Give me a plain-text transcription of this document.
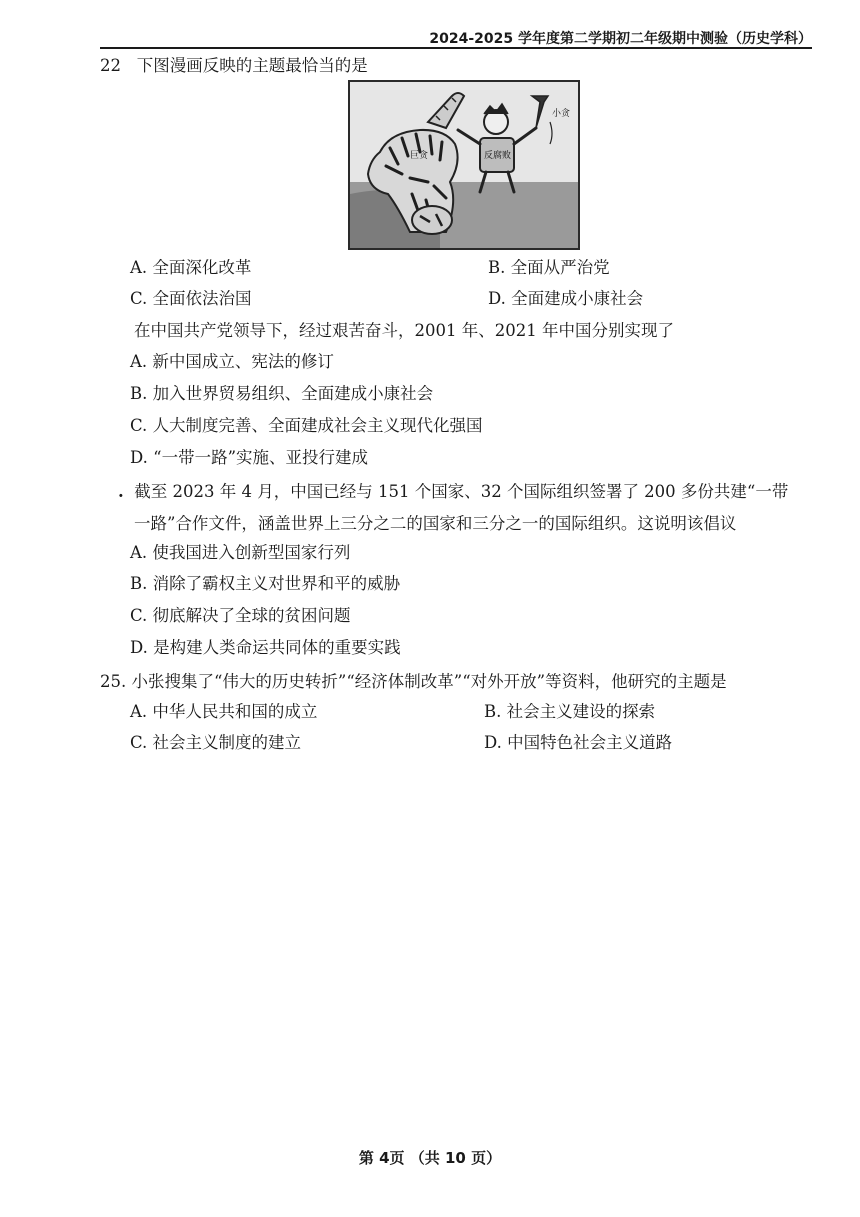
2024-2025 学年度第二学期初二年级期中测验（历史学科）
22 下图漫画反映的主题最恰当的是
巨贪	反腐败
小贪
A. 全面深化改革	B. 全面从严治党
C. 全面依法治国	D. 全面建成小康社会
在中国共产党领导下，经过艰苦奋斗，2001 年、2021 年中国分别实现了
A. 新中国成立、宪法的修订
B. 加入世界贸易组织、全面建成小康社会
C. 人大制度完善、全面建成社会主义现代化强国
D. “一带一路”实施、亚投行建成
. 截至 2023 年 4 月，中国已经与 151 个国家、32 个国际组织签署了 200 多份共建“一带
一路”合作文件，涵盖世界上三分之二的国家和三分之一的国际组织。这说明该倡议
A. 使我国进入创新型国家行列
B. 消除了霸权主义对世界和平的威胁
C. 彻底解决了全球的贫困问题
D. 是构建人类命运共同体的重要实践
25. 小张搜集了“伟大的历史转折”“经济体制改革”“对外开放”等资料，他研究的主题是
A. 中华人民共和国的成立	B. 社会主义建设的探索
C. 社会主义制度的建立	D. 中国特色社会主义道路
第 4页 （共 10 页）
